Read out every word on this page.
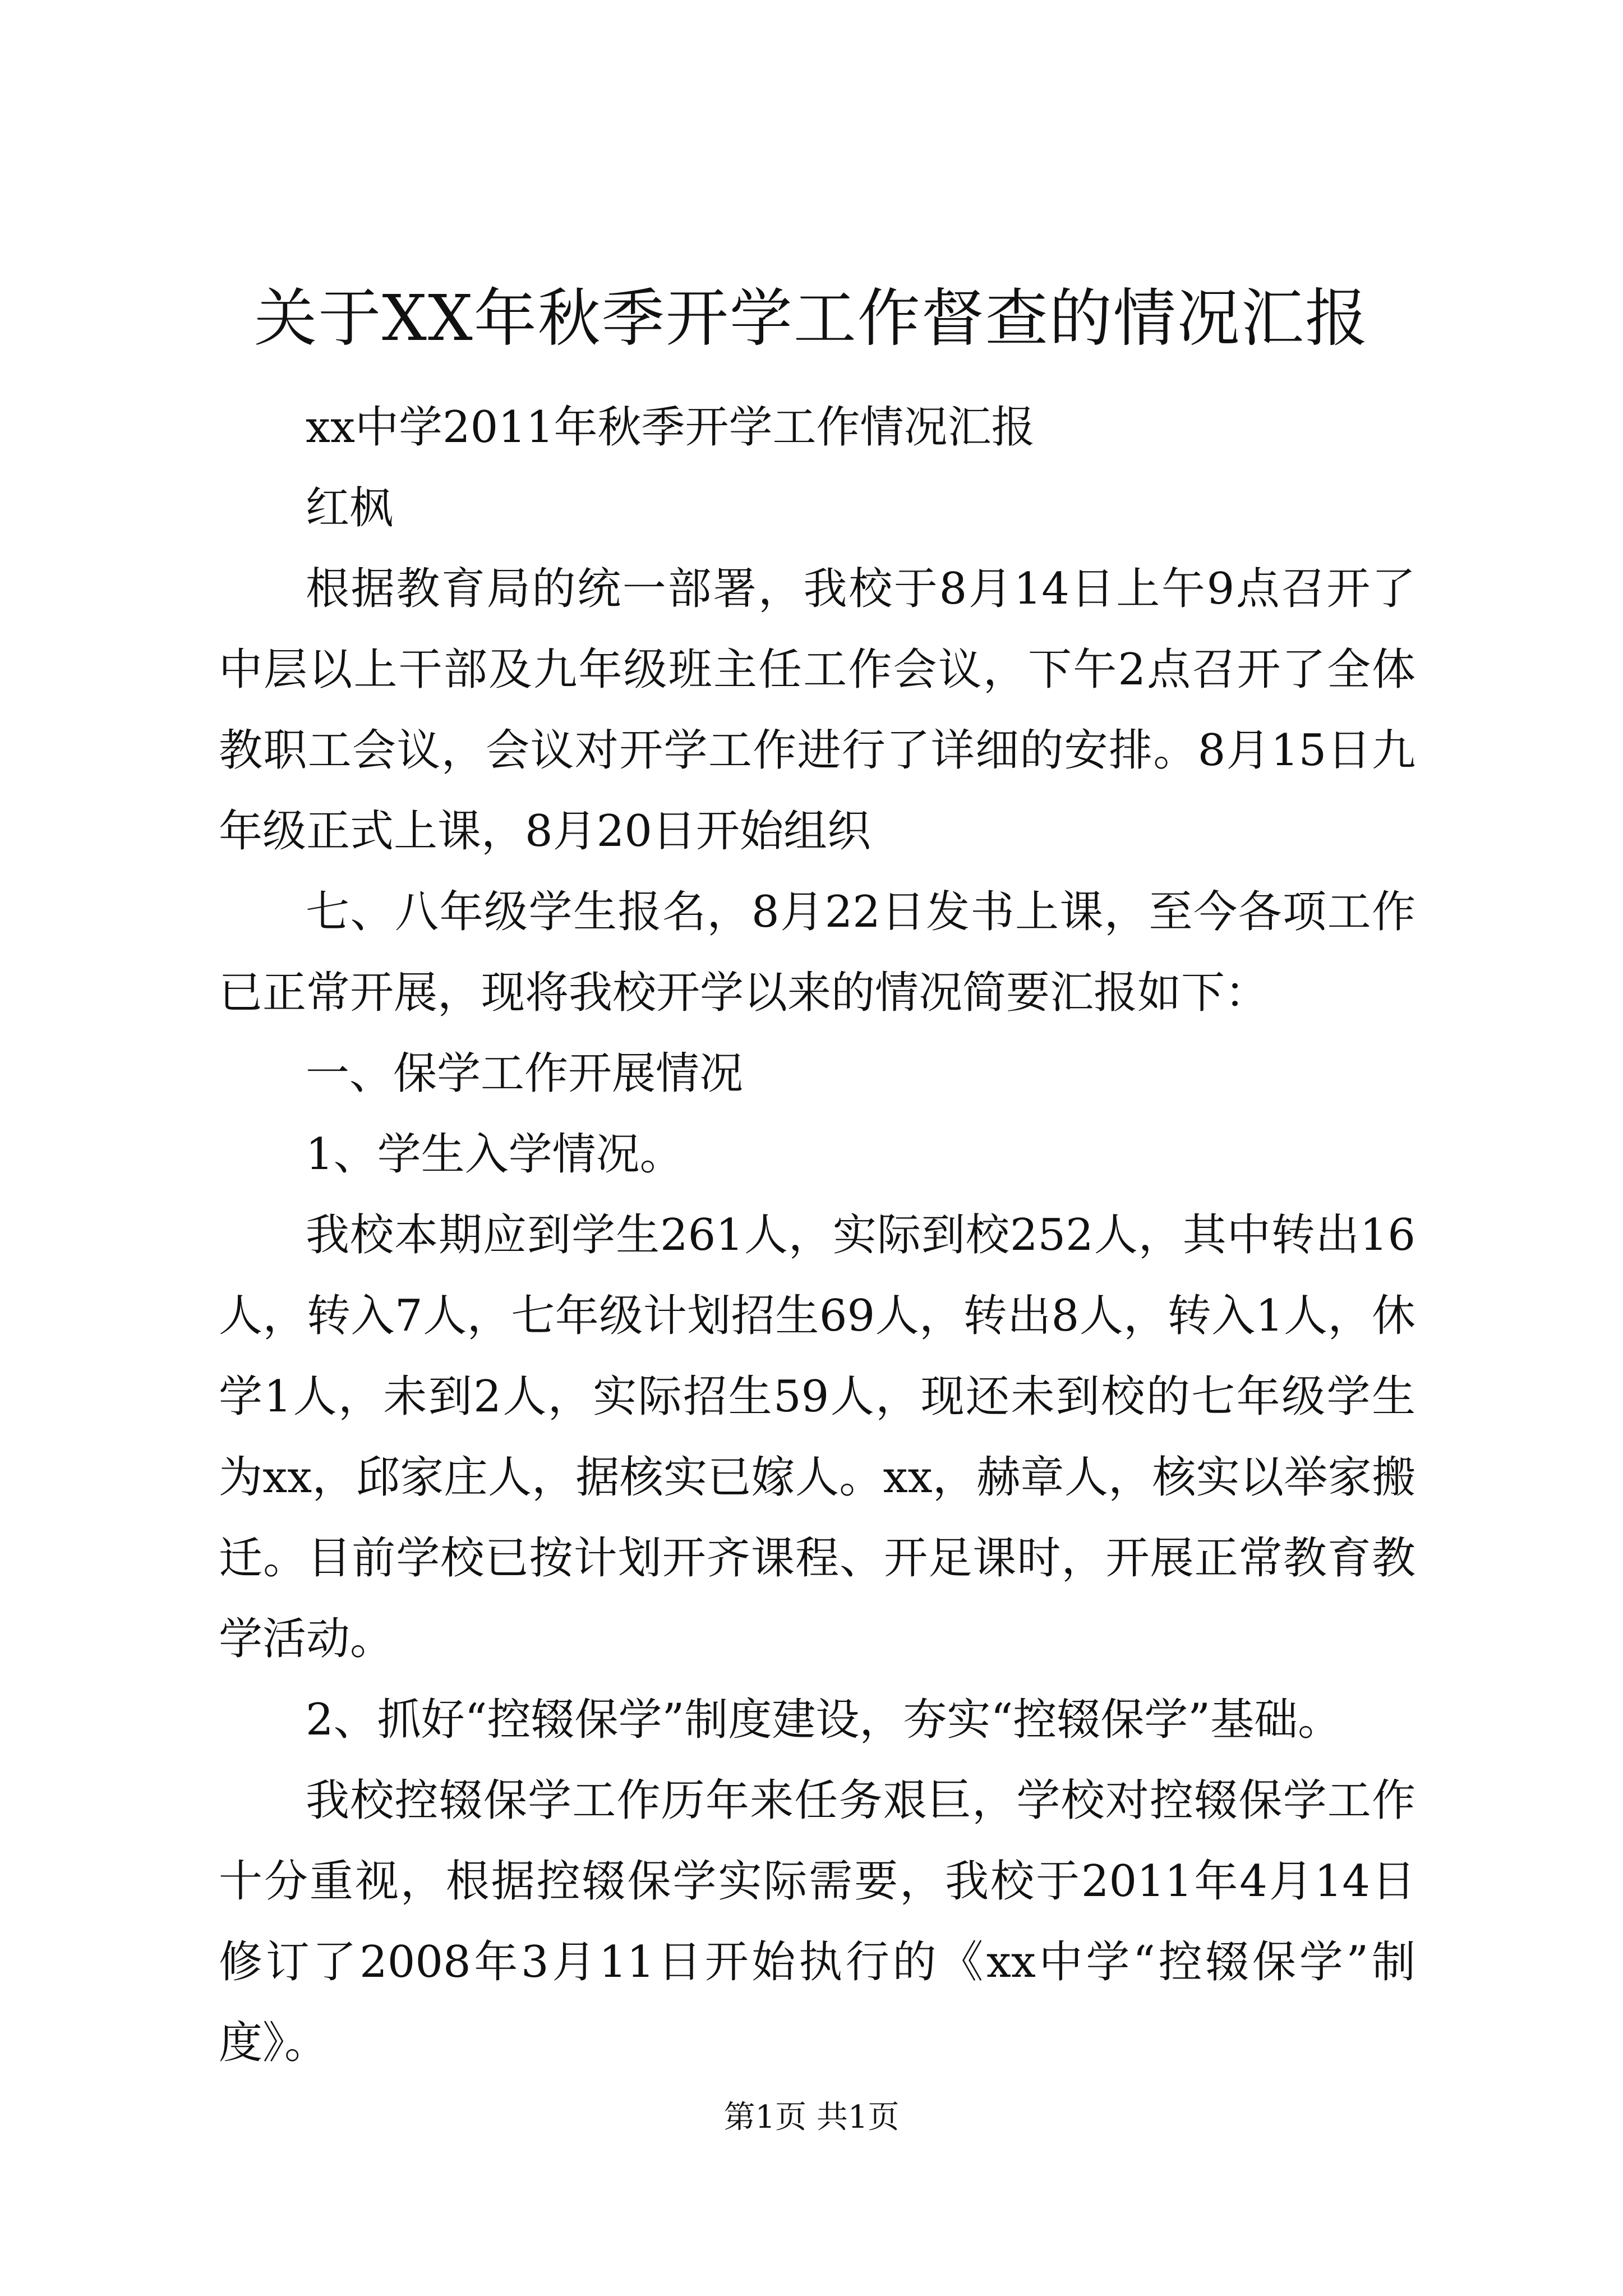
关于XX年秋季开学工作督查的情况汇报

xx中学2011年秋季开学工作情况汇报

红枫

根据教育局的统一部署，我校于8月14日上午9点召开了中层以上干部及九年级班主任工作会议，下午2点召开了全体教职工会议，会议对开学工作进行了详细的安排。8月15日九年级正式上课，8月20日开始组织

七、八年级学生报名，8月22日发书上课，至今各项工作已正常开展，现将我校开学以来的情况简要汇报如下：

一、保学工作开展情况

1、学生入学情况。

我校本期应到学生261人，实际到校252人，其中转出16人，转入7人，七年级计划招生69人，转出8人，转入1人，休学1人，未到2人，实际招生59人，现还未到校的七年级学生为xx，邱家庄人，据核实已嫁人。xx，赫章人，核实以举家搬迁。目前学校已按计划开齐课程、开足课时，开展正常教育教学活动。

2、抓好“控辍保学”制度建设，夯实“控辍保学”基础。

我校控辍保学工作历年来任务艰巨，学校对控辍保学工作十分重视，根据控辍保学实际需要，我校于2011年4月14日修订了2008年3月11日开始执行的《xx中学“控辍保学”制度》。

第1页 共1页
